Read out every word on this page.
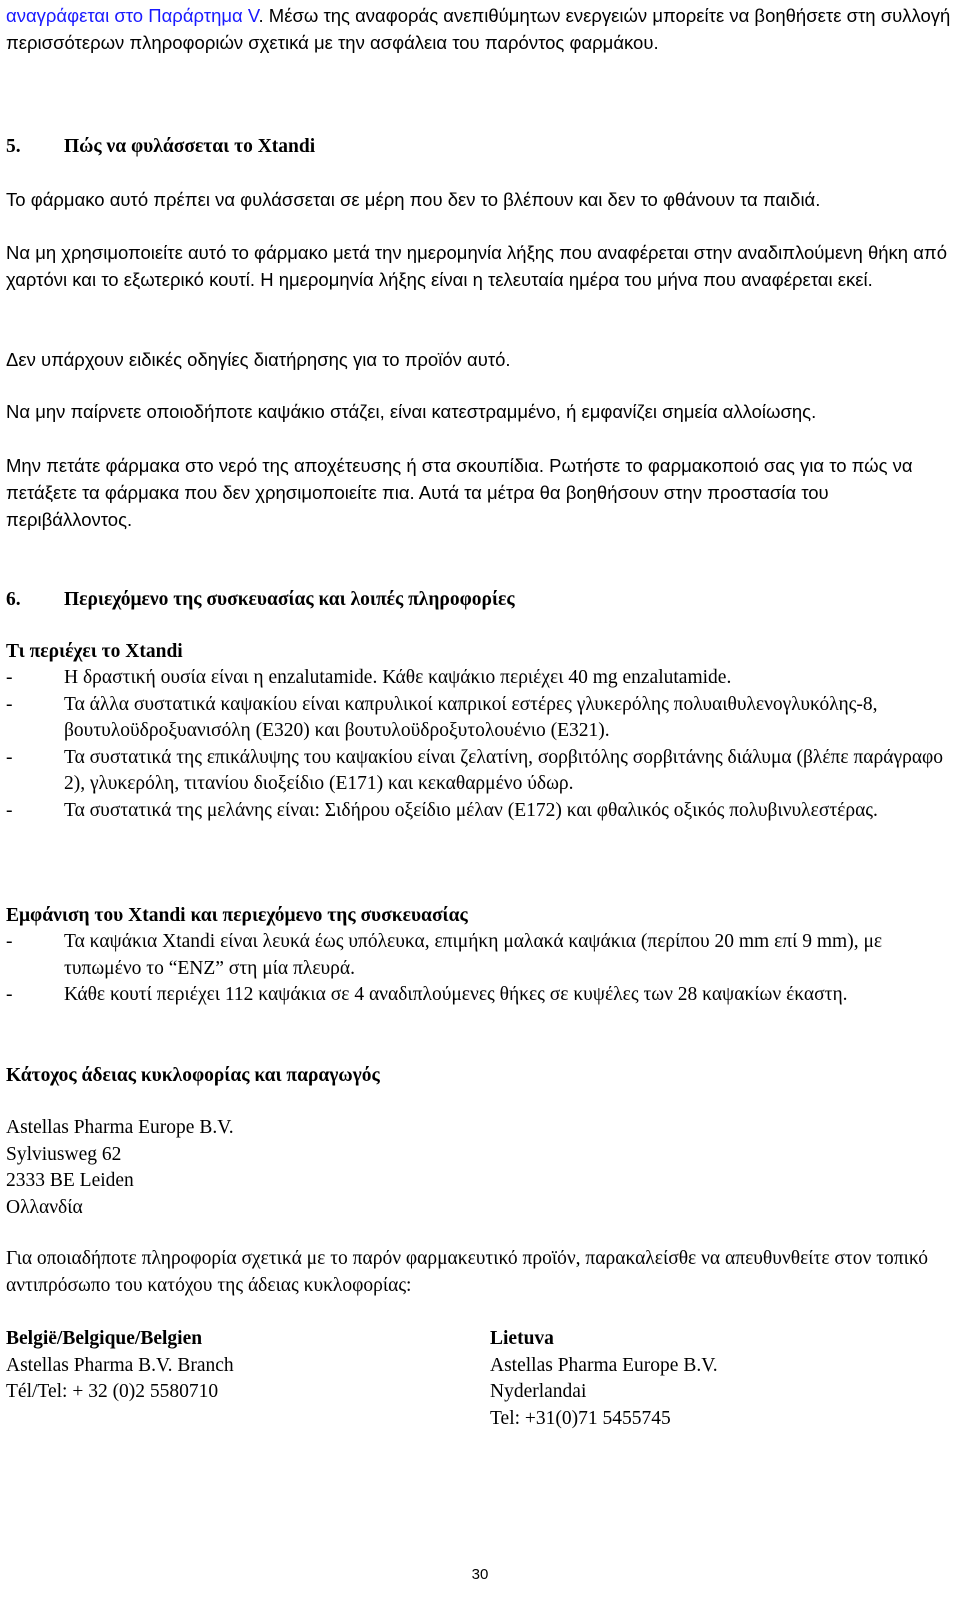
αναγράφεται στο Παράρτημα V. Μέσω της αναφοράς ανεπιθύμητων ενεργειών μπορείτε να βοηθήσετε στη συλλογή περισσότερων πληροφοριών σχετικά με την ασφάλεια του παρόντος φαρμάκου.

5. Πώς να φυλάσσεται το Xtandi

Το φάρμακο αυτό πρέπει να φυλάσσεται σε μέρη που δεν το βλέπουν και δεν το φθάνουν τα παιδιά.

Να μη χρησιμοποιείτε αυτό το φάρμακο μετά την ημερομηνία λήξης που αναφέρεται στην αναδιπλούμενη θήκη από χαρτόνι και το εξωτερικό κουτί. Η ημερομηνία λήξης είναι η τελευταία ημέρα του μήνα που αναφέρεται εκεί.

Δεν υπάρχουν ειδικές οδηγίες διατήρησης για το προϊόν αυτό.

Να μην παίρνετε οποιοδήποτε καψάκιο στάζει, είναι κατεστραμμένο, ή εμφανίζει σημεία αλλοίωσης.

Μην πετάτε φάρμακα στο νερό της αποχέτευσης ή στα σκουπίδια. Ρωτήστε το φαρμακοποιό σας για το πώς να πετάξετε τα φάρμακα που δεν χρησιμοποιείτε πια. Αυτά τα μέτρα θα βοηθήσουν στην προστασία του περιβάλλοντος.

6. Περιεχόμενο της συσκευασίας και λοιπές πληροφορίες
Τι περιέχει το Xtandi
-	Η δραστική ουσία είναι η enzalutamide. Κάθε καψάκιο περιέχει 40 mg enzalutamide.
-	Τα άλλα συστατικά καψακίου είναι καπρυλικοί καπρικοί εστέρες γλυκερόλης πολυαιθυλενογλυκόλης-8, βουτυλοϋδροξυανισόλη (E320) και βουτυλοϋδροξυτολουένιο (E321).
-	Τα συστατικά της επικάλυψης του καψακίου είναι ζελατίνη, σορβιτόλης σορβιτάνης διάλυμα (βλέπε παράγραφο 2), γλυκερόλη, τιτανίου διοξείδιο (E171) και κεκαθαρμένο ύδωρ.
-	Τα συστατικά της μελάνης είναι: Σιδήρου οξείδιο μέλαν (E172) και φθαλικός οξικός πολυβινυλεστέρας.
Εμφάνιση του Xtandi και περιεχόμενο της συσκευασίας
-	Τα καψάκια Xtandi είναι λευκά έως υπόλευκα, επιμήκη μαλακά καψάκια (περίπου 20 mm επί 9 mm), με τυπωμένο το “ENZ” στη μία πλευρά.
-	Κάθε κουτί περιέχει 112 καψάκια σε 4 αναδιπλούμενες θήκες σε κυψέλες των 28 καψακίων έκαστη.
Κάτοχος άδειας κυκλοφορίας και παραγωγός
Astellas Pharma Europe B.V.
Sylviusweg 62
2333 BE Leiden
Ολλανδία

Για οποιαδήποτε πληροφορία σχετικά με το παρόν φαρμακευτικό προϊόν, παρακαλείσθε να απευθυνθείτε στον τοπικό αντιπρόσωπο του κατόχου της άδειας κυκλοφορίας:

België/Belgique/Belgien
Astellas Pharma B.V. Branch
Tél/Tel: + 32 (0)2 5580710
Lietuva
Astellas Pharma Europe B.V.
Nyderlandai
Tel: +31(0)71 5455745
30
